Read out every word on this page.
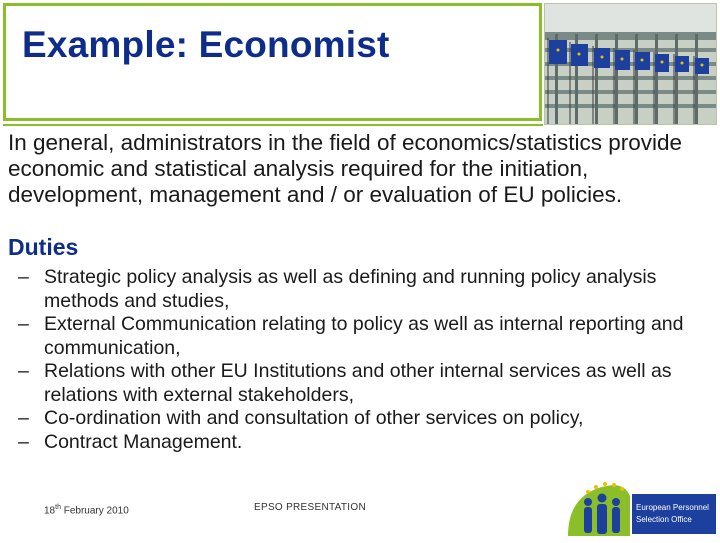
Example: Economist

In general, administrators in the field of economics/statistics provide economic and statistical analysis required for the initiation, development, management and / or evaluation of EU policies.

Duties
– Strategic policy analysis as well as defining and running policy analysis methods and studies,
– External Communication relating to policy as well as internal reporting and communication,
– Relations with other EU Institutions and other internal services as well as relations with external stakeholders,
– Co-ordination with and consultation of other services on policy,
– Contract Management.
18th February 2010	EPSO PRESENTATION	European Personnel
Selection Office
